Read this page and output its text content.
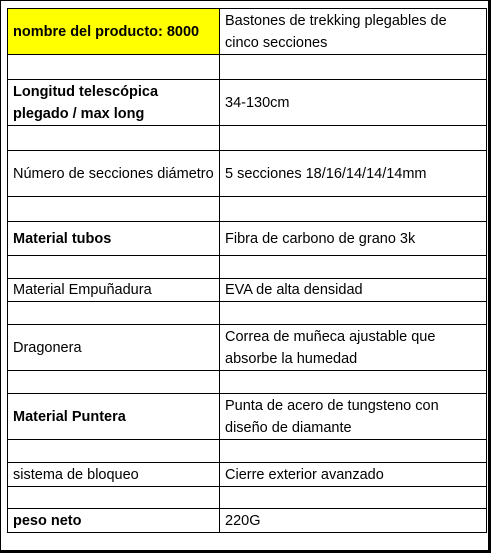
nombre del producto: 8000	Bastones de trekking plegables de cinco secciones

Longitud telescópica plegado / max long	34-130cm

Número de secciones diámetro	5 secciones 18/16/14/14/14mm

Material tubos	Fibra de carbono de grano 3k

Material Empuñadura	EVA de alta densidad

Dragonera	Correa de muñeca ajustable que absorbe la humedad

Material Puntera	Punta de acero de tungsteno con diseño de diamante

sistema de bloqueo	Cierre exterior avanzado

peso neto	220G
